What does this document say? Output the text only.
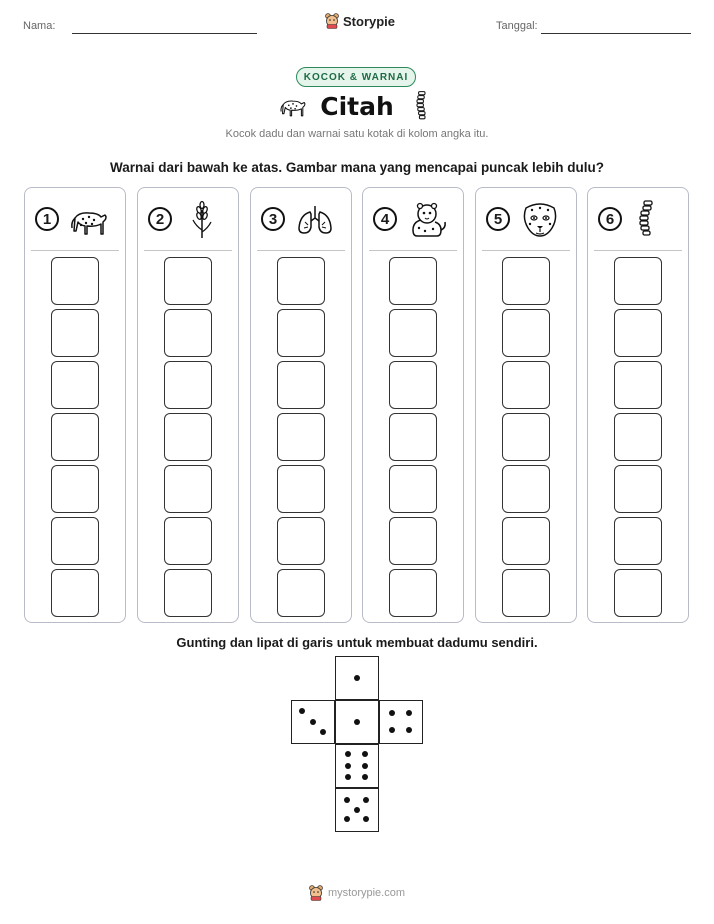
Nama:	Storypie	Tanggal:
KOCOK & WARNAI
Citah
Kocok dadu dan warnai satu kotak di kolom angka itu.
Warnai dari bawah ke atas. Gambar mana yang mencapai puncak lebih dulu?
1	2	3	4	5	6
Gunting dan lipat di garis untuk membuat dadumu sendiri.
mystorypie.com
